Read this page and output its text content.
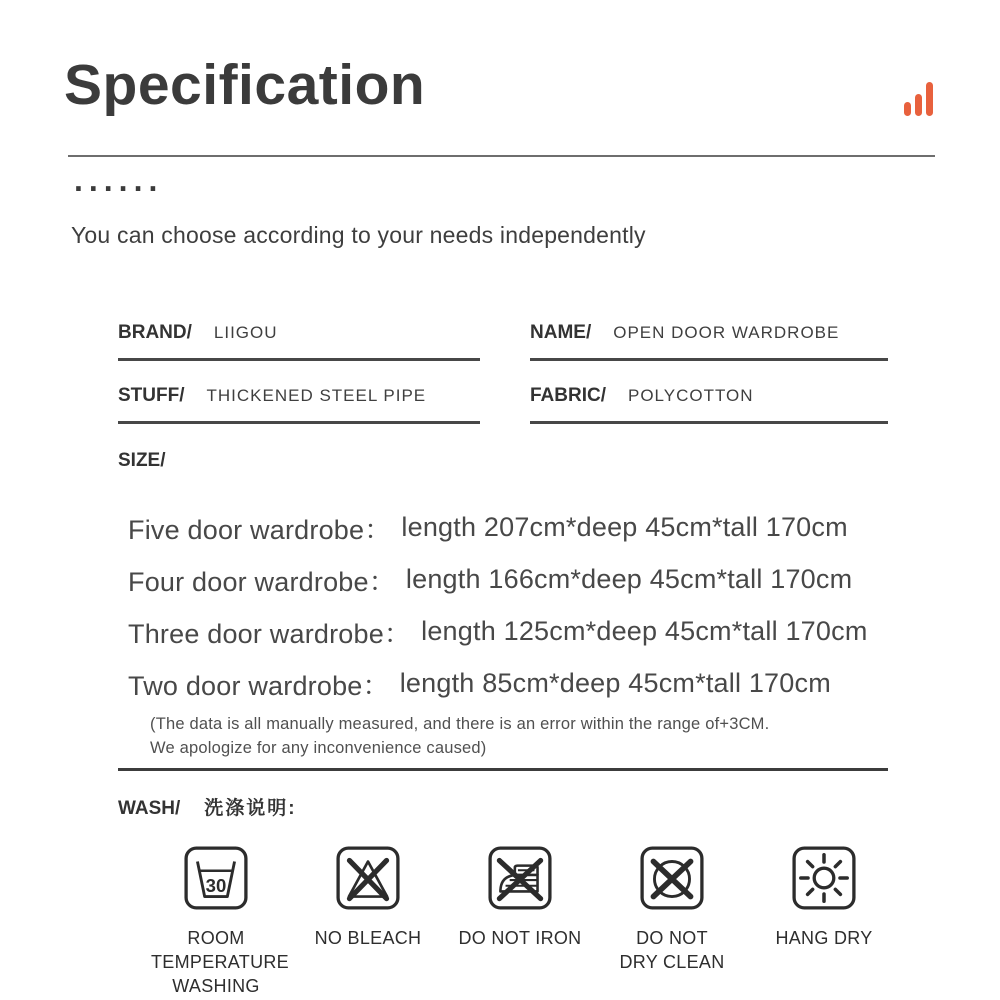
Specification
......

You can choose according to your needs independently

BRAND/ LIIGOU	NAME/ OPEN DOOR WARDROBE
STUFF/ THICKENED STEEL PIPE	FABRIC/ POLYCOTTON
SIZE/
Five door wardrobe： length 207cm*deep 45cm*tall 170cm
Four door wardrobe： length 166cm*deep 45cm*tall 170cm
Three door wardrobe： length 125cm*deep 45cm*tall 170cm
Two door wardrobe： length 85cm*deep 45cm*tall 170cm
(The data is all manually measured, and there is an error within the range of+3CM.
We apologize for any inconvenience caused)
WASH/ 洗涤说明:
30
ROOM TEMPERATURE WASHING
NO BLEACH DO NOT IRON	DO NOT DRY CLEAN
HANG DRY
